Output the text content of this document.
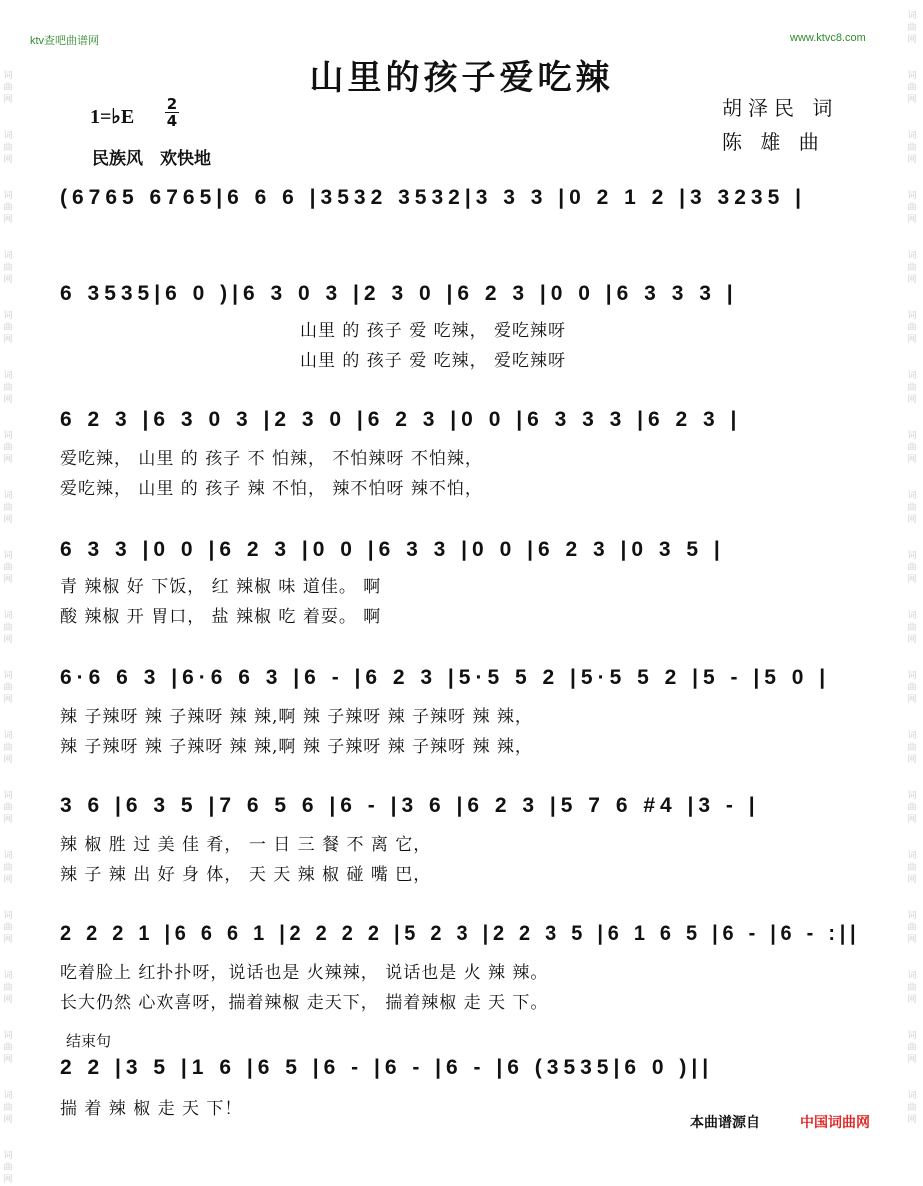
词
曲
网

词
曲
网

词
曲
网

词
曲
网

词
曲
网

词
曲
网

词
曲
网

词
曲
网

词
曲
网

词
曲
网

词
曲
网

词
曲
网

词
曲
网

词
曲
网

词
曲
网

词
曲
网

词
曲
网

词
曲
网

词
曲
网
词
曲
网

词
曲
网

词
曲
网

词
曲
网

词
曲
网

词
曲
网

词
曲
网

词
曲
网

词
曲
网

词
曲
网

词
曲
网

词
曲
网

词
曲
网

词
曲
网

词
曲
网

词
曲
网

词
曲
网

词
曲
网

词
曲
网
ktv查吧曲谱网	www.ktvc8.com
山里的孩子爱吃辣
1=♭E $\frac{2}{4}$
民族风　欢快地
胡泽民 词
陈 雄 曲
(6765 6765|6 6 6 |3532 3532|3 3 3 |0 2 1 2 |3 3235 |
6 3535|6 0 )|6 3 0 3 |2 3 0 |6 2 3 |0 0 |6 3 3 3 |
山里 的 孩子 爱 吃辣， 爱吃辣呀
山里 的 孩子 爱 吃辣， 爱吃辣呀
6 2 3 |6 3 0 3 |2 3 0 |6 2 3 |0 0 |6 3 3 3 |6 2 3 |
爱吃辣， 山里 的 孩子 不 怕辣， 不怕辣呀 不怕辣，
爱吃辣， 山里 的 孩子 辣 不怕， 辣不怕呀 辣不怕，
6 3 3 |0 0 |6 2 3 |0 0 |6 3 3 |0 0 |6 2 3 |0 3 5 |
青 辣椒 好 下饭， 红 辣椒 味 道佳。 啊
酸 辣椒 开 胃口， 盐 辣椒 吃 着耍。 啊
6·6 6 3 |6·6 6 3 |6 - |6 2 3 |5·5 5 2 |5·5 5 2 |5 - |5 0 |
辣 子辣呀 辣 子辣呀 辣 辣,啊 辣 子辣呀 辣 子辣呀 辣 辣，
辣 子辣呀 辣 子辣呀 辣 辣,啊 辣 子辣呀 辣 子辣呀 辣 辣，
3 6 |6 3 5 |7 6 5 6 |6 - |3 6 |6 2 3 |5 7 6 #4 |3 - |
辣 椒 胜 过 美 佳 肴， 一 日 三 餐 不 离 它，
辣 子 辣 出 好 身 体， 天 天 辣 椒 碰 嘴 巴，
2 2 2 1 |6 6 6 1 |2 2 2 2 |5 2 3 |2 2 3 5 |6 1 6 5 |6 - |6 - :||
吃着脸上 红扑扑呀，说话也是 火辣辣， 说话也是 火 辣 辣。
长大仍然 心欢喜呀，揣着辣椒 走天下， 揣着辣椒 走 天 下。
结束句
2 2 |3 5 |1 6 |6 5 |6 - |6 - |6 - |6 (3535|6 0 )||
揣 着 辣 椒 走 天 下！
本曲谱源自	中国词曲网
